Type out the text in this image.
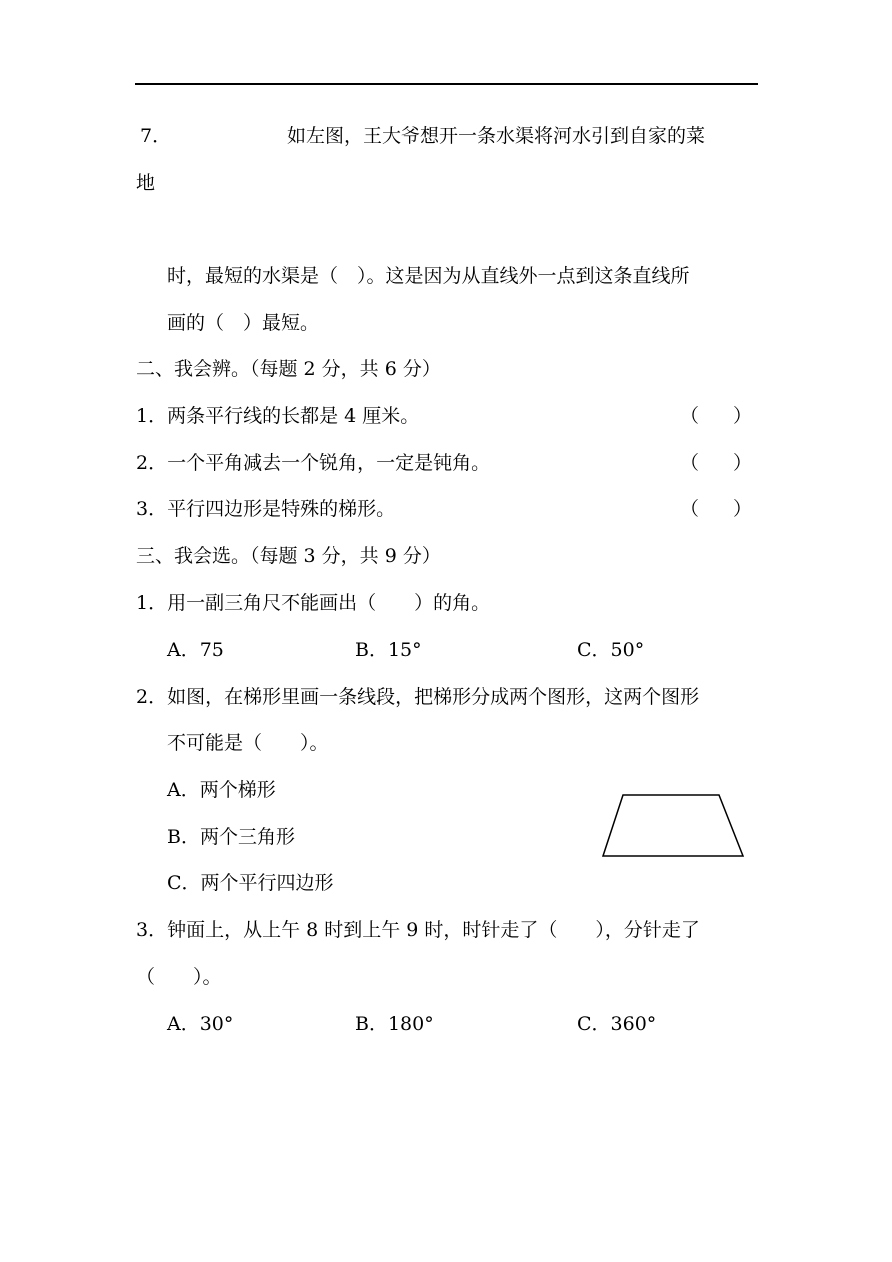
7．	如左图，王大爷想开一条水渠将河水引到自家的菜
地
时，最短的水渠是（　）。这是因为从直线外一点到这条直线所
画的（　）最短。
二、我会辨。（每题 2 分，共 6 分）
1．两条平行线的长都是 4 厘米。	（ ）
2．一个平角减去一个锐角，一定是钝角。	（ ）
3．平行四边形是特殊的梯形。	（ ）
三、我会选。（每题 3 分，共 9 分）
1．用一副三角尺不能画出（　　）的角。
A．75	B．15°	C．50°
2．如图，在梯形里画一条线段，把梯形分成两个图形，这两个图形
不可能是（　　）。
A．两个梯形
B．两个三角形
C．两个平行四边形
3．钟面上，从上午 8 时到上午 9 时，时针走了（　　），分针走了
（　　）。
A．30°	B．180°	C．360°
